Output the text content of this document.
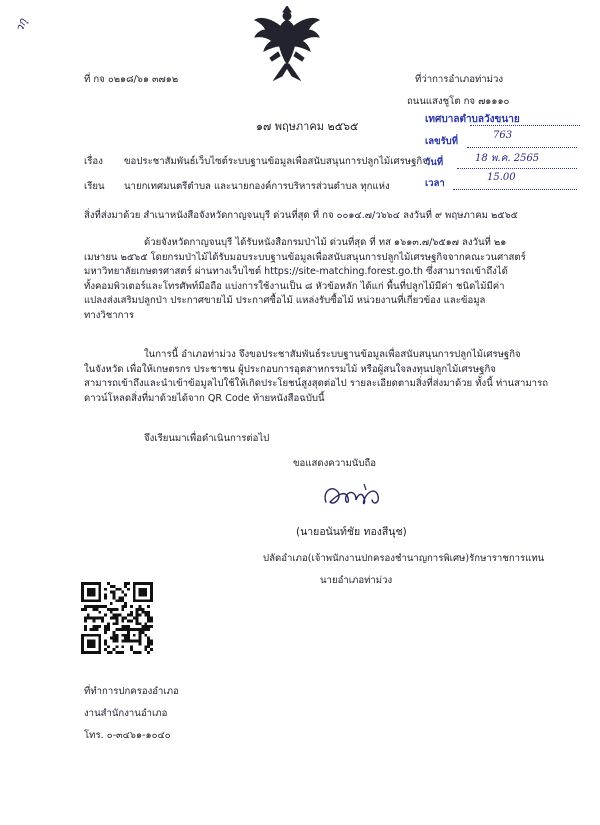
วกุ
ที่ กจ ๐๒๑๘/๖๑ ๓๗๑๒	ที่ว่าการอำเภอท่าม่วง
ถนนแสงชูโต กจ ๗๑๑๑๐
๑๗ พฤษภาคม ๒๕๖๕
เทศบาลตำบลวังขนาย
เลขรับที่
763
วันที่	18 พ.ค. 2565
เวลา
15.00
เรื่อง ขอประชาสัมพันธ์เว็บไซต์ระบบฐานข้อมูลเพื่อสนับสนุนการปลูกไม้เศรษฐกิจ
เรียน นายกเทศมนตรีตำบล และนายกองค์การบริหารส่วนตำบล ทุกแห่ง
สิ่งที่ส่งมาด้วย สำเนาหนังสือจังหวัดกาญจนบุรี ด่วนที่สุด ที่ กจ ๐๐๑๔.๗/ว๖๖๔ ลงวันที่ ๙ พฤษภาคม ๒๕๖๕
ด้วยจังหวัดกาญจนบุรี ได้รับหนังสือกรมป่าไม้ ด่วนที่สุด ที่ ทส ๑๖๑๓.๗/๖๕๑๗ ลงวันที่ ๒๑
เมษายน ๒๕๖๕ โดยกรมป่าไม้ได้รับมอบระบบฐานข้อมูลเพื่อสนับสนุนการปลูกไม้เศรษฐกิจจากคณะวนศาสตร์
มหาวิทยาลัยเกษตรศาสตร์ ผ่านทางเว็บไซต์ https://site-matching.forest.go.th ซึ่งสามารถเข้าถึงได้
ทั้งคอมพิวเตอร์และโทรศัพท์มือถือ แบ่งการใช้งานเป็น ๘ หัวข้อหลัก ได้แก่ พื้นที่ปลูกไม้มีค่า ชนิดไม้มีค่า
แปลงส่งเสริมปลูกป่า ประกาศขายไม้ ประกาศซื้อไม้ แหล่งรับซื้อไม้ หน่วยงานที่เกี่ยวข้อง และข้อมูล
ทางวิชาการ
ในการนี้ อำเภอท่าม่วง จึงขอประชาสัมพันธ์ระบบฐานข้อมูลเพื่อสนับสนุนการปลูกไม้เศรษฐกิจ
ในจังหวัด เพื่อให้เกษตรกร ประชาชน ผู้ประกอบการอุตสาหกรรมไม้ หรือผู้สนใจลงทุนปลูกไม้เศรษฐกิจ
สามารถเข้าถึงและนำเข้าข้อมูลไปใช้ให้เกิดประโยชน์สูงสุดต่อไป รายละเอียดตามสิ่งที่ส่งมาด้วย ทั้งนี้ ท่านสามารถ
ดาวน์โหลดสิ่งที่มาด้วยได้จาก QR Code ท้ายหนังสือฉบับนี้
จึงเรียนมาเพื่อดำเนินการต่อไป
ขอแสดงความนับถือ
(นายอนันท์ชัย ทองสีนุช)
ปลัดอำเภอ(เจ้าพนักงานปกครองชำนาญการพิเศษ)รักษาราชการแทน
นายอำเภอท่าม่วง
ที่ทำการปกครองอำเภอ
งานสำนักงานอำเภอ
โทร. ๐-๓๔๖๑-๑๐๔๐
